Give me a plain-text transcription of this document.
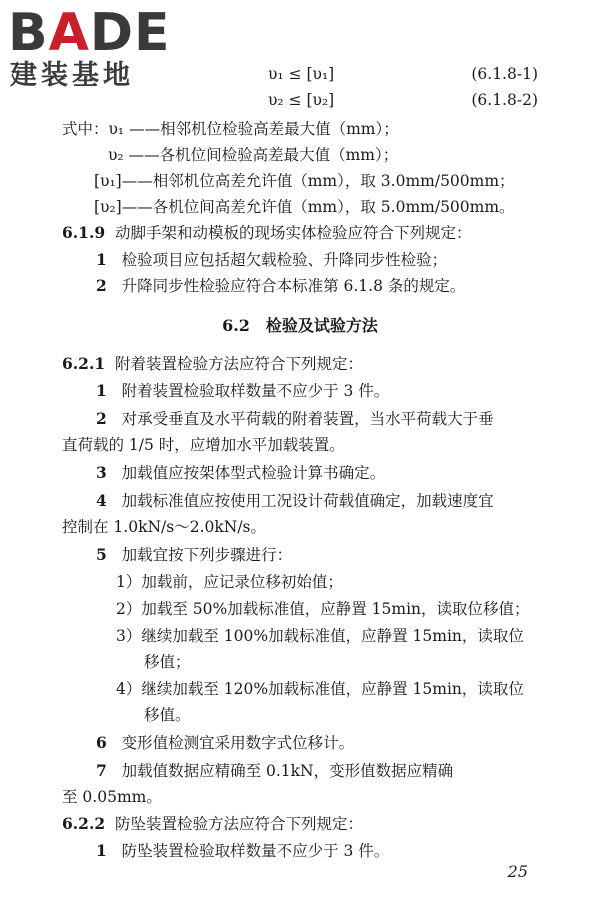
BADE
建装基地	υ₁ ≤ [υ₁]	(6.1.8-1)
υ₂ ≤ [υ₂]	(6.1.8-2)
式中：υ₁ ——相邻机位检验高差最大值（mm）；
υ₂ ——各机位间检验高差最大值（mm）；
[υ₁]——相邻机位高差允许值（mm），取 3.0mm/500mm；
[υ₂]——各机位间高差允许值（mm），取 5.0mm/500mm。
6.1.9 动脚手架和动模板的现场实体检验应符合下列规定：
1 检验项目应包括超欠载检验、升降同步性检验；
2 升降同步性检验应符合本标准第 6.1.8 条的规定。
6.2　检验及试验方法
6.2.1 附着装置检验方法应符合下列规定：
1 附着装置检验取样数量不应少于 3 件。
2 对承受垂直及水平荷载的附着装置，当水平荷载大于垂
直荷载的 1/5 时，应增加水平加载装置。
3 加载值应按架体型式检验计算书确定。
4 加载标准值应按使用工况设计荷载值确定，加载速度宜
控制在 1.0kN/s～2.0kN/s。
5 加载宜按下列步骤进行：
1）加载前，应记录位移初始值；
2）加载至 50%加载标准值，应静置 15min，读取位移值；
3）继续加载至 100%加载标准值，应静置 15min，读取位
移值；
4）继续加载至 120%加载标准值，应静置 15min，读取位
移值。
6 变形值检测宜采用数字式位移计。
7 加载值数据应精确至 0.1kN，变形值数据应精确
至 0.05mm。
6.2.2 防坠装置检验方法应符合下列规定：
1 防坠装置检验取样数量不应少于 3 件。
25
